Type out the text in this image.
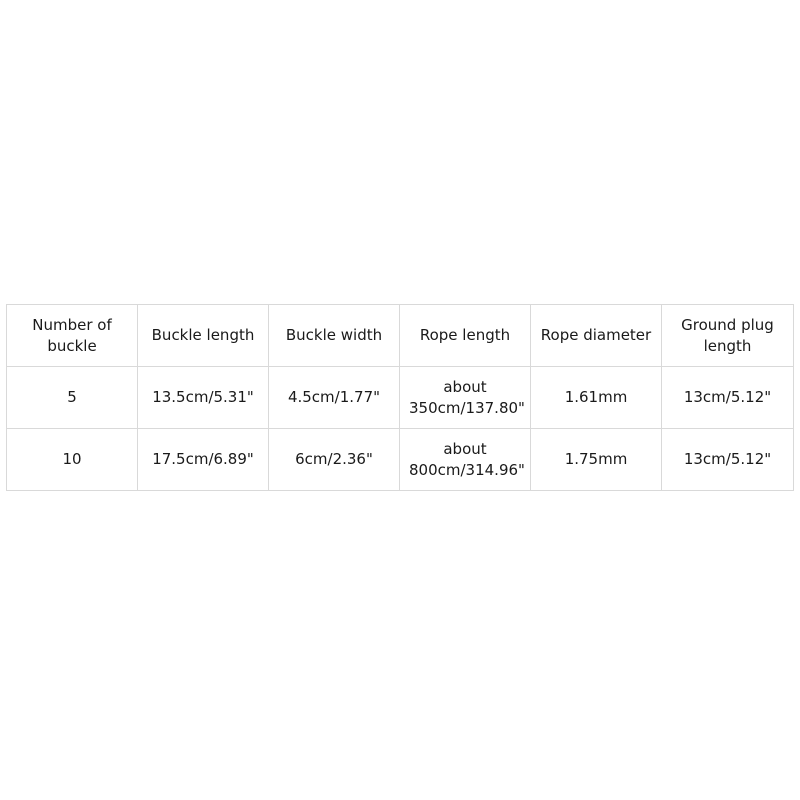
Number of buckle	Buckle length	Buckle width	Rope length	Rope diameter	Ground plug length
5	13.5cm/5.31"	4.5cm/1.77"	about 350cm/137.80"	1.61mm	13cm/5.12"
10	17.5cm/6.89"	6cm/2.36"	about 800cm/314.96"	1.75mm	13cm/5.12"
